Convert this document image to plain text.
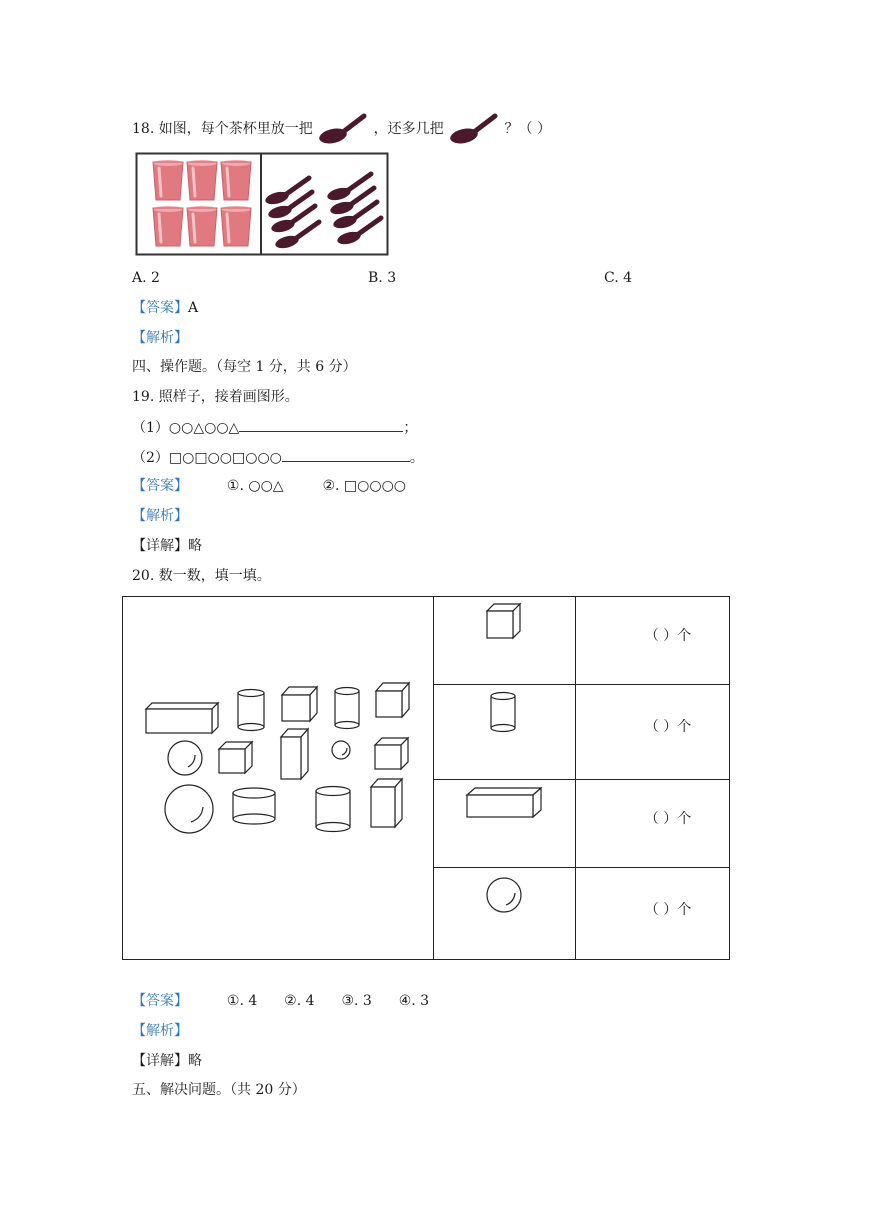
18. 如图，每个茶杯里放一把	，还多几把	？（ ）
A. 2	B. 3	C. 4
【答案】A
【解析】
四、操作题。（每空 1 分，共 6 分）
19. 照样子，接着画图形。
（1）○○△○○△	；
（2）□○□○○□○○○	。
【答案】	①. ○○△	②. □○○○○
【解析】
【详解】略
20. 数一数，填一填。
（ ）个
（ ）个
（ ）个
（ ）个
【答案】	①. 4 ②. 4 ③. 3 ④. 3
【解析】
【详解】略
五、解决问题。（共 20 分）
